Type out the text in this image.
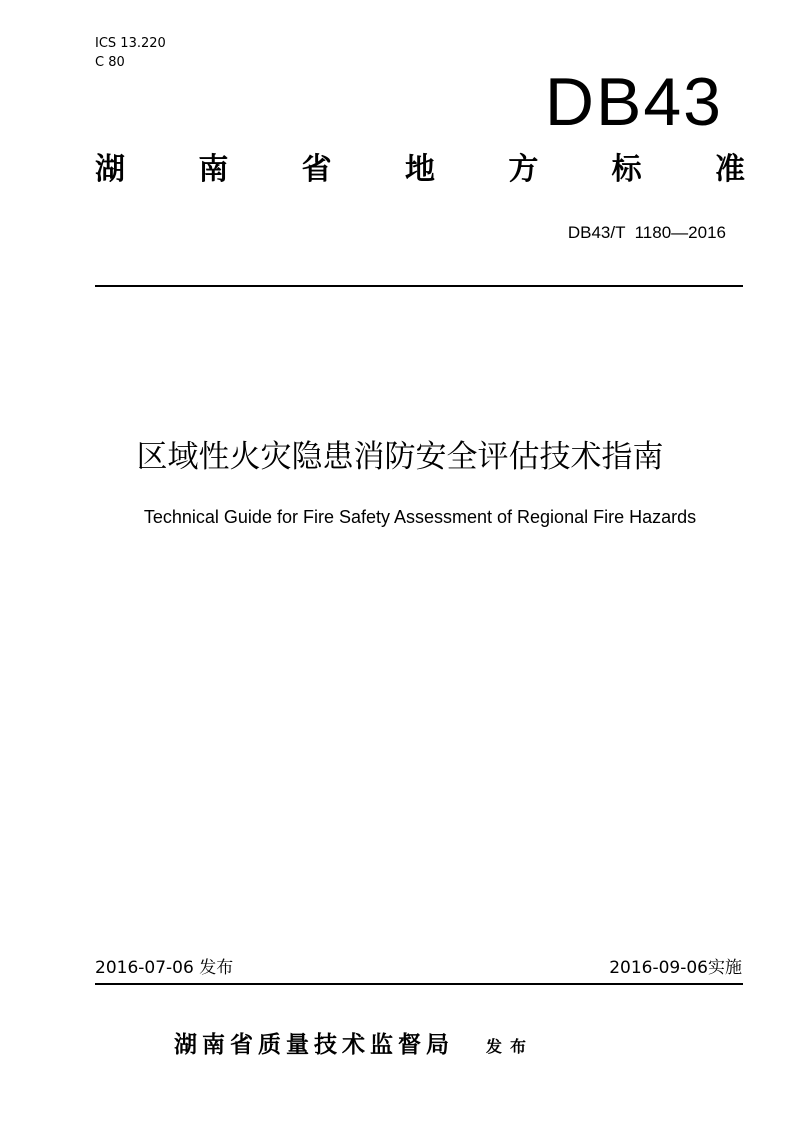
ICS 13.220
C 80
DB43
湖 南 省 地 方 标 准
DB43/T  1180—2016
区域性火灾隐患消防安全评估技术指南
Technical Guide for Fire Safety Assessment of Regional Fire Hazards
2016-07-06 发布	2016-09-06实施
湖南省质量技术监督局 发布
